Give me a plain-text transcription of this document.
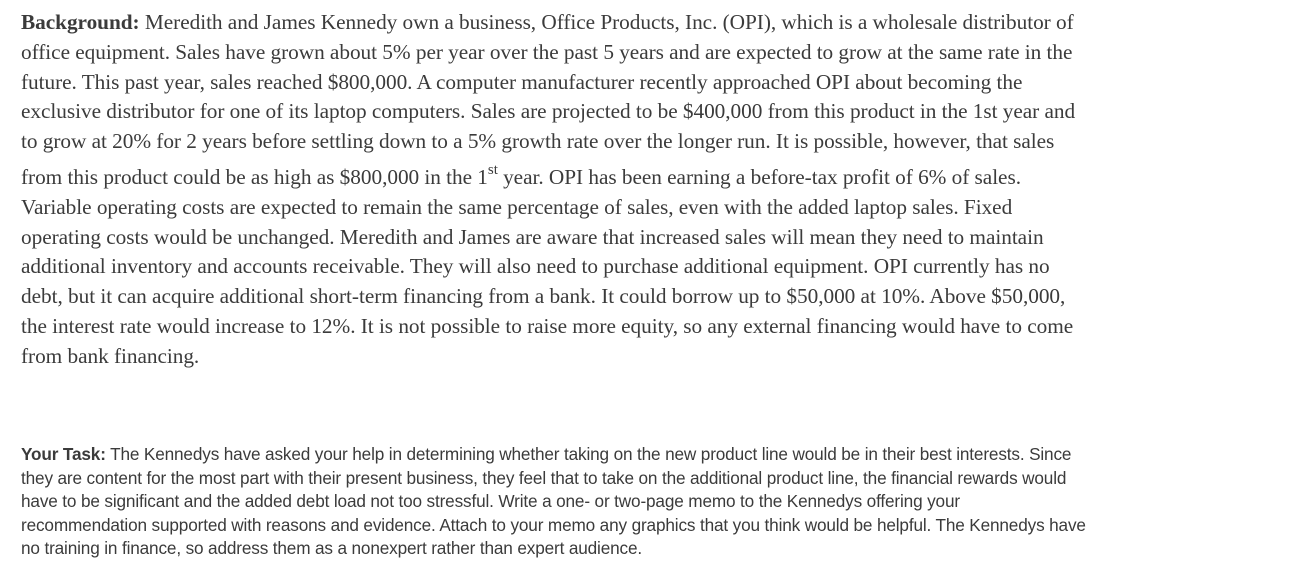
Background: Meredith and James Kennedy own a business, Office Products, Inc. (OPI), which is a wholesale distributor of
office equipment. Sales have grown about 5% per year over the past 5 years and are expected to grow at the same rate in the
future. This past year, sales reached $800,000. A computer manufacturer recently approached OPI about becoming the
exclusive distributor for one of its laptop computers. Sales are projected to be $400,000 from this product in the 1st year and
to grow at 20% for 2 years before settling down to a 5% growth rate over the longer run. It is possible, however, that sales
from this product could be as high as $800,000 in the 1st year. OPI has been earning a before-tax profit of 6% of sales.
Variable operating costs are expected to remain the same percentage of sales, even with the added laptop sales. Fixed
operating costs would be unchanged. Meredith and James are aware that increased sales will mean they need to maintain
additional inventory and accounts receivable. They will also need to purchase additional equipment. OPI currently has no
debt, but it can acquire additional short-term financing from a bank. It could borrow up to $50,000 at 10%. Above $50,000,
the interest rate would increase to 12%. It is not possible to raise more equity, so any external financing would have to come
from bank financing.
Your Task: The Kennedys have asked your help in determining whether taking on the new product line would be in their best interests. Since
they are content for the most part with their present business, they feel that to take on the additional product line, the financial rewards would
have to be significant and the added debt load not too stressful. Write a one- or two-page memo to the Kennedys offering your
recommendation supported with reasons and evidence. Attach to your memo any graphics that you think would be helpful. The Kennedys have
no training in finance, so address them as a nonexpert rather than expert audience.
